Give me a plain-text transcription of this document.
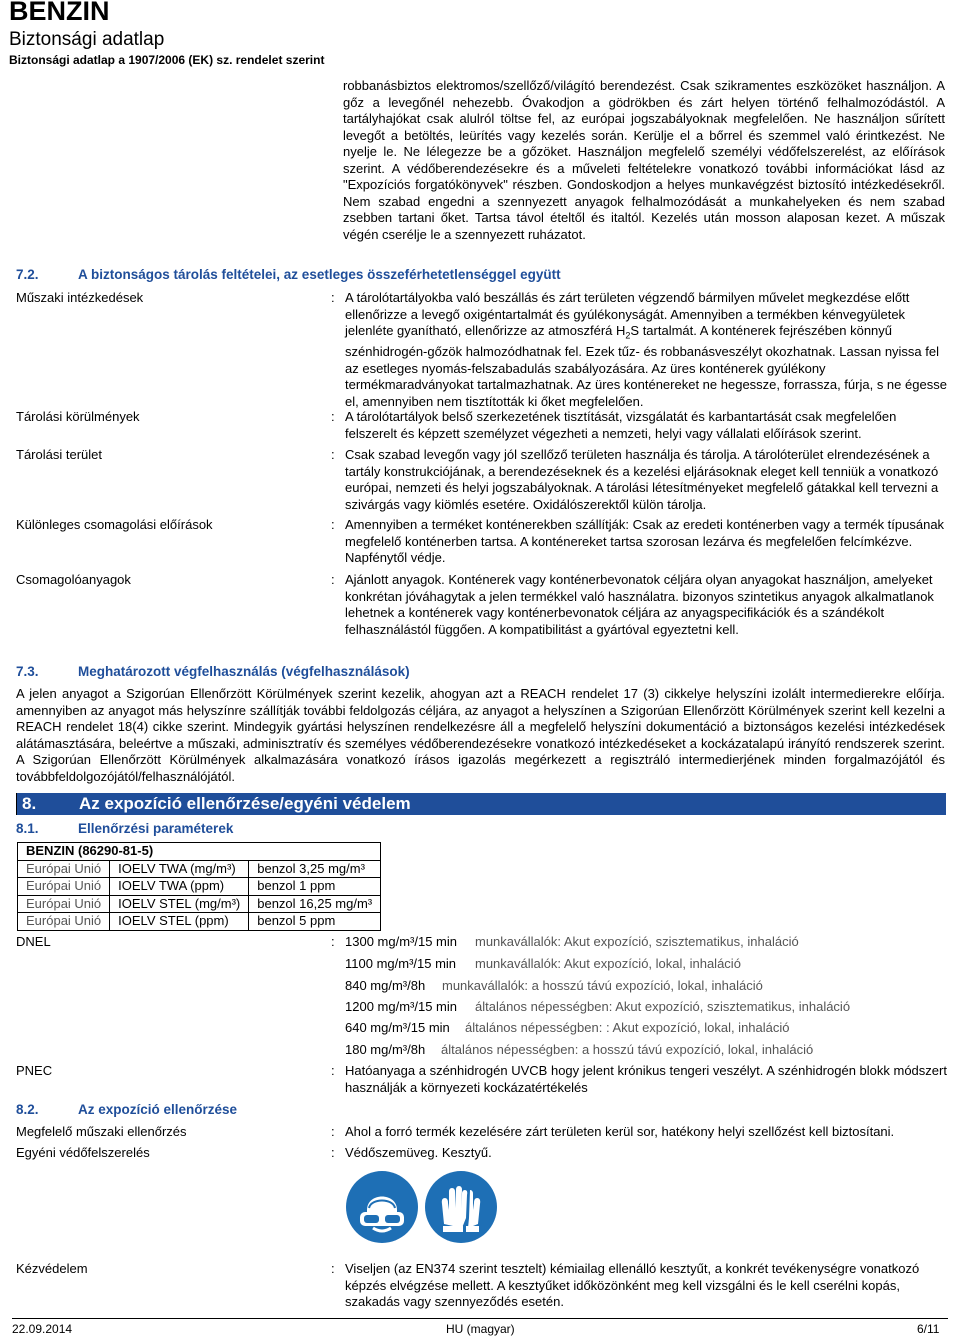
BENZIN
Biztonsági adatlap
Biztonsági adatlap a 1907/2006 (EK) sz. rendelet szerint
robbanásbiztos elektromos/szellőző/világító berendezést. Csak szikramentes eszközöket használjon. A gőz a levegőnél nehezebb. Óvakodjon a gödrökben és zárt helyen történő felhalmozódástól. A tartályhajókat csak alulról töltse fel, az európai jogszabályoknak megfelelően. Ne használjon sűrített levegőt a betöltés, leürítés vagy kezelés során. Kerülje el a bőrrel és szemmel való érintkezést. Ne nyelje le. Ne lélegezze be a gőzöket. Használjon megfelelő személyi védőfelszerelést, az előírások szerint. A védőberendezésekre és a műveleti feltételekre vonatkozó további információkat lásd az "Expozíciós forgatókönyvek" részben. Gondoskodjon a helyes munkavégzést biztosító intézkedésekről. Nem szabad engedni a szennyezett anyagok felhalmozódását a munkahelyeken és nem szabad zsebben tartani őket. Tartsa távol ételtől és italtól. Kezelés után mosson alaposan kezet. A műszak végén cserélje le a szennyezett ruházatot.
7.2.	A biztonságos tárolás feltételei, az esetleges összeférhetetlenséggel együtt
Műszaki intézkedések	: A tárolótartályokba való beszállás és zárt területen végzendő bármilyen művelet megkezdése előtt ellenőrizze a levegő oxigéntartalmát és gyúlékonyságát. Amennyiben a termékben kénvegyületek jelenléte gyanítható, ellenőrizze az atmoszférá $H_2S$ tartalmát. A konténerek fejrészében könnyű szénhidrogén-gőzök halmozódhatnak fel. Ezek tűz- és robbanásveszélyt okozhatnak. Lassan nyissa fel az esetleges nyomás-felszabadulás szabályozására. Az üres konténerek gyúlékony termékmaradványokat tartalmazhatnak. Az üres konténereket ne hegesszе, forrassza, fúrja, s ne égesse el, amennyiben nem tisztították ki őket megfelelően.
Tárolási körülmények	: A tárolótartályok belső szerkezetének tisztítását, vizsgálatát és karbantartását csak megfelelően felszerelt és képzett személyzet végezheti a nemzeti, helyi vagy vállalati előírások szerint.
Tárolási terület	: Csak szabad levegőn vagy jól szellőző területen használja és tárolja. A tárolóterület elrendezésének a tartály konstrukciójának, a berendezéseknek és a kezelési eljárásoknak eleget kell tenniük a vonatkozó európai, nemzeti és helyi jogszabályoknak. A tárolási létesítményeket megfelelő gátakkal kell tervezni a szivárgás vagy kiömlés esetére. Oxidálószerektől külön tárolja.
Különleges csomagolási előírások	: Amennyiben a terméket konténerekben szállítják: Csak az eredeti konténerben vagy a termék típusának megfelelő konténerben tartsa. A konténereket tartsa szorosan lezárva és megfelelően felcímkézve. Napfénytől védje.
Csomagolóanyagok	: Ajánlott anyagok. Konténerek vagy konténerbevonatok céljára olyan anyagokat használjon, amelyeket konkrétan jóváhagytak a jelen termékkel való használatra. bizonyos szintetikus anyagok alkalmatlanok lehetnek a konténerek vagy konténerbevonatok céljára az anyagspecifikációk és a szándékolt felhasználástól függően. A kompatibilitást a gyártóval egyeztetni kell.
7.3.	Meghatározott végfelhasználás (végfelhasználások)
A jelen anyagot a Szigorúan Ellenőrzött Körülmények szerint kezelik, ahogyan azt a REACH rendelet 17 (3) cikkelye helyszíni izolált intermedierekre előírja. amennyiben az anyagot más helyszínre szállítják további feldolgozás céljára, az anyagot a helyszínen a Szigorúan Ellenőrzött Körülmények szerint kell kezelni a REACH rendelet 18(4) cikke szerint. Mindegyik gyártási helyszínen rendelkezésre áll a megfelelő helyszíni dokumentáció a biztonságos kezelési intézkedések alátámasztására, beleértve a műszaki, adminisztratív és személyes védőberendezésekre vonatkozó intézkedéseket a kockázatalapú irányító rendszerek szerint. A Szigorúan Ellenőrzött Körülmények alkalmazására vonatkozó írásos igazolás megérkezett a regisztráló intermedierjének minden forgalmazójától és továbbfeldolgozójától/felhasználójától.
8.	Az expozíció ellenőrzése/egyéni védelem
8.1.	Ellenőrzési paraméterek
BENZIN (86290-81-5)		
Európai Unió	IOELV TWA (mg/m³)	benzol 3,25 mg/m³
Európai Unió	IOELV TWA (ppm)	benzol 1 ppm
Európai Unió	IOELV STEL (mg/m³)	benzol 16,25 mg/m³
Európai Unió	IOELV STEL (ppm)	benzol 5 ppm
DNEL	: 1300 mg/m³/15 min munkavállalók: Akut expozíció, szisztematikus, inhaláció
1100 mg/m³/15 min munkavállalók: Akut expozíció, lokal, inhaláció
840 mg/m³/8h munkavállalók: a hosszú távú expozíció, lokal, inhaláció
1200 mg/m³/15 min általános népességben: Akut expozíció, szisztematikus, inhaláció
640 mg/m³/15 min általános népességben: : Akut expozíció, lokal, inhaláció
180 mg/m³/8h általános népességben: a hosszú távú expozíció, lokal, inhaláció
PNEC	: Hatóanyaga a szénhidrogén UVCB hogy jelent krónikus tengeri veszélyt. A szénhidrogén blokk módszert használják a környezeti kockázatértékelés
8.2.	Az expozíció ellenőrzése
Megfelelő műszaki ellenőrzés	: Ahol a forró termék kezelésére zárt területen kerül sor, hatékony helyi szellőzést kell biztosítani.
Egyéni védőfelszerelés	: Védőszemüveg. Kesztyű.
Kézvédelem	: Viseljen (az EN374 szerint tesztelt) kémiailag ellenálló kesztyűt, a konkrét tevékenységre vonatkozó képzés elvégzése mellett. A kesztyűket időközönként meg kell vizsgálni és le kell cserélni kopás, szakadás vagy szennyeződés esetén.
22.09.2014	HU (magyar)	6/11
